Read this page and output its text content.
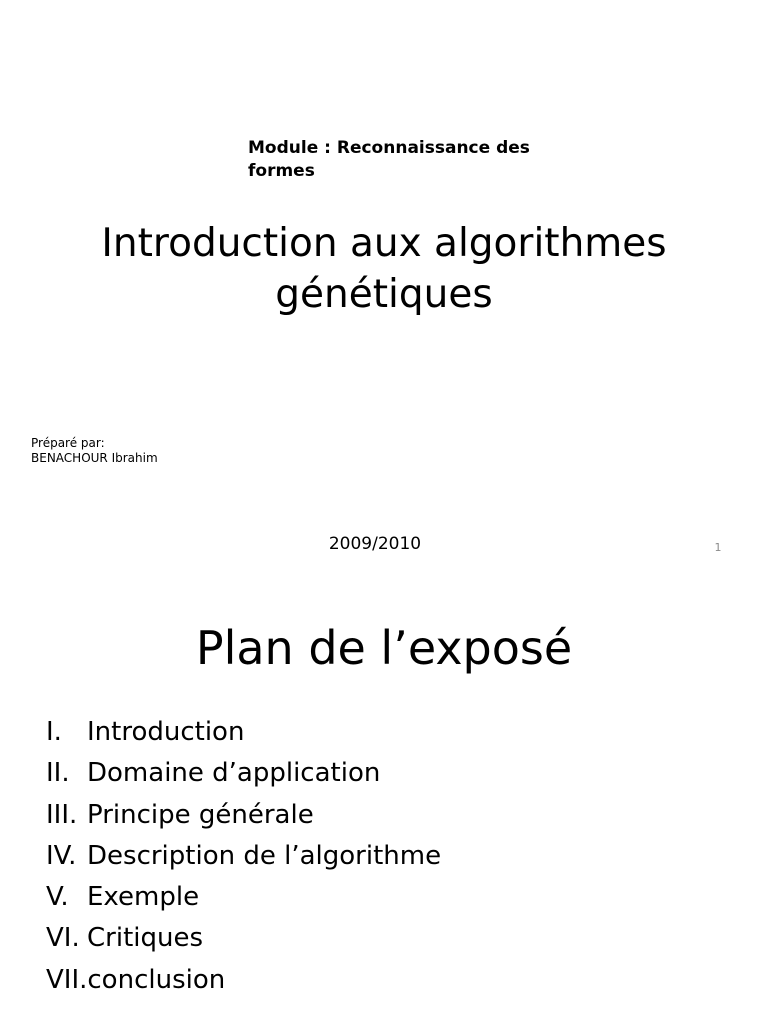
Module : Reconnaissance des formes
Introduction aux algorithmes génétiques
Préparé par:
BENACHOUR Ibrahim
2009/2010	1
Plan de l’exposé
I. Introduction
II. Domaine d’application
III. Principe générale
IV. Description de l’algorithme
V. Exemple
VI. Critiques
VII.conclusion
